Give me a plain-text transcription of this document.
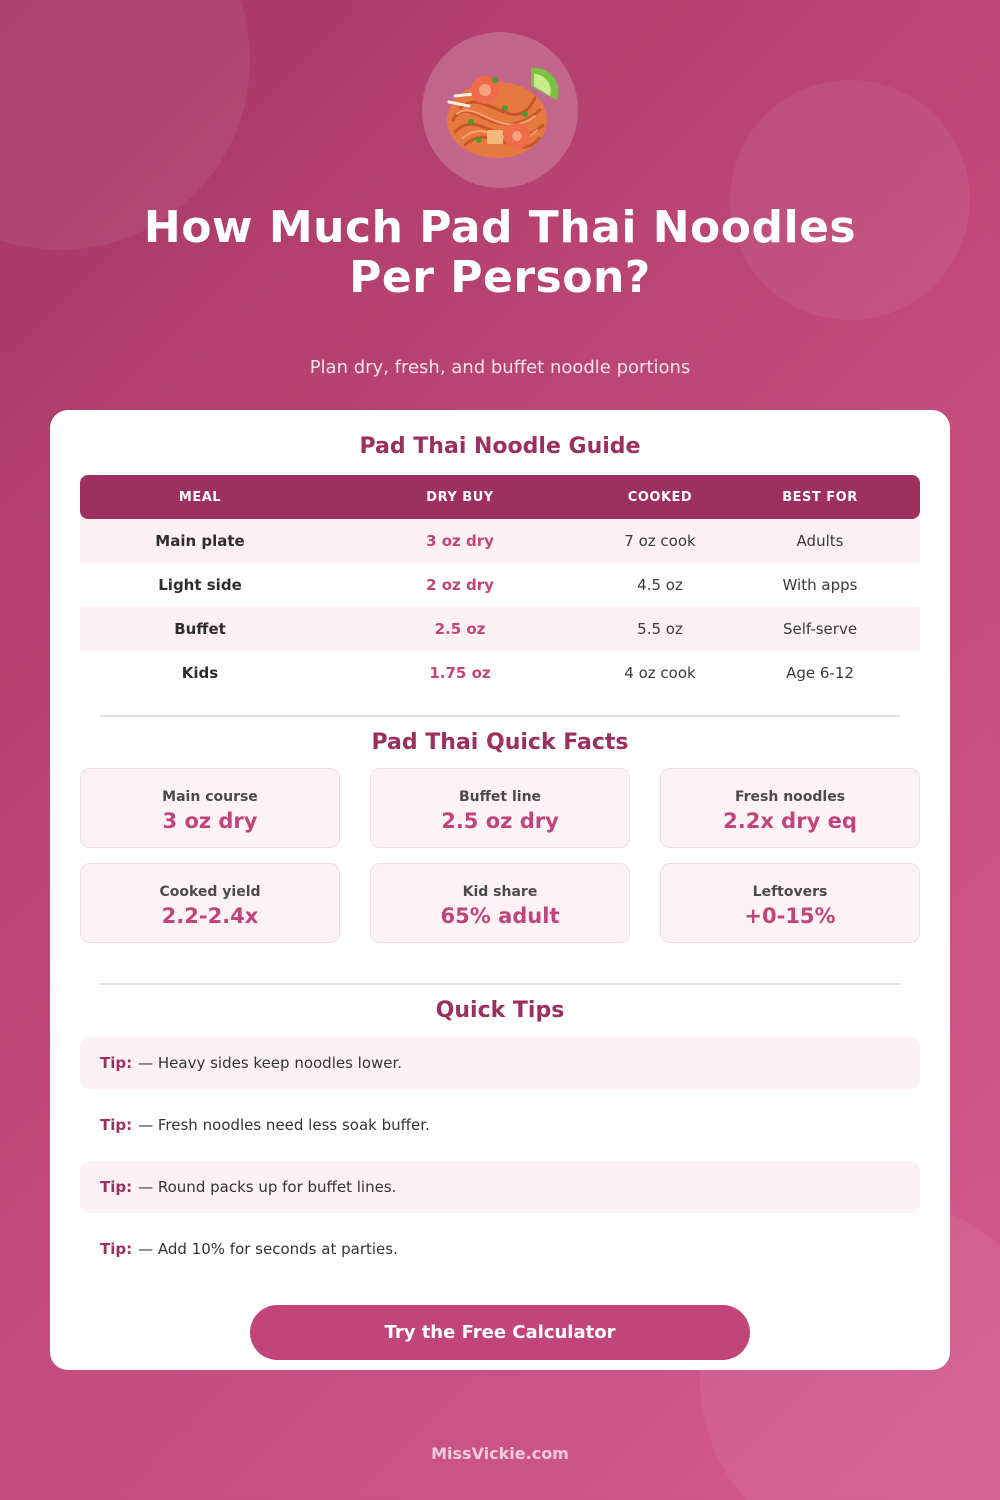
How Much Pad Thai Noodles
Per Person?
Plan dry, fresh, and buffet noodle portions
Pad Thai Noodle Guide
MEAL	DRY BUY	COOKED	BEST FOR
Main plate	3 oz dry	7 oz cook	Adults
Light side	2 oz dry	4.5 oz	With apps
Buffet	2.5 oz	5.5 oz	Self-serve
Kids	1.75 oz	4 oz cook	Age 6-12
Pad Thai Quick Facts
Main course
3 oz dry
Buffet line
2.5 oz dry
Fresh noodles
2.2x dry eq
Cooked yield
2.2-2.4x
Kid share
65% adult
Leftovers
+0-15%
Quick Tips
Tip: — Heavy sides keep noodles lower.
Tip: — Fresh noodles need less soak buffer.
Tip: — Round packs up for buffet lines.
Tip: — Add 10% for seconds at parties.
Try the Free Calculator
MissVickie.com
